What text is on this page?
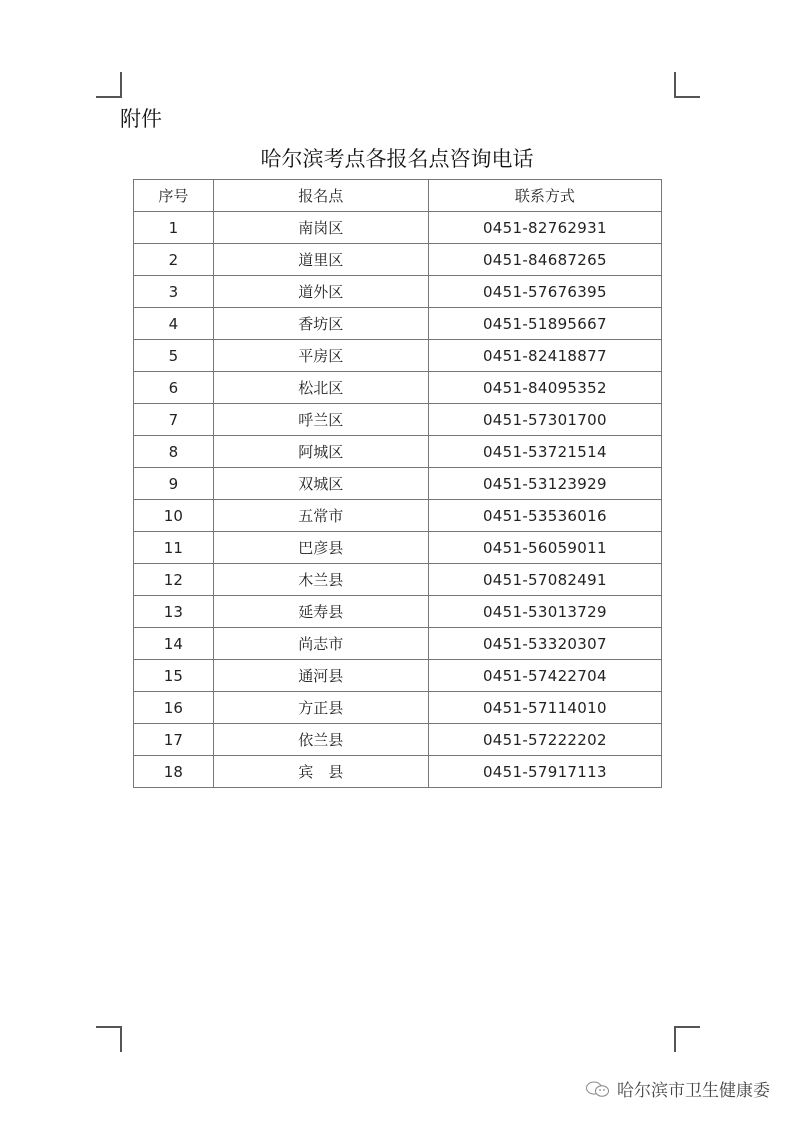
附件
哈尔滨考点各报名点咨询电话
序号	报名点	联系方式
1	南岗区	0451-82762931
2	道里区	0451-84687265
3	道外区	0451-57676395
4	香坊区	0451-51895667
5	平房区	0451-82418877
6	松北区	0451-84095352
7	呼兰区	0451-57301700
8	阿城区	0451-53721514
9	双城区	0451-53123929
10	五常市	0451-53536016
11	巴彦县	0451-56059011
12	木兰县	0451-57082491
13	延寿县	0451-53013729
14	尚志市	0451-53320307
15	通河县	0451-57422704
16	方正县	0451-57114010
17	依兰县	0451-57222202
18	宾　县	0451-57917113
哈尔滨市卫生健康委
